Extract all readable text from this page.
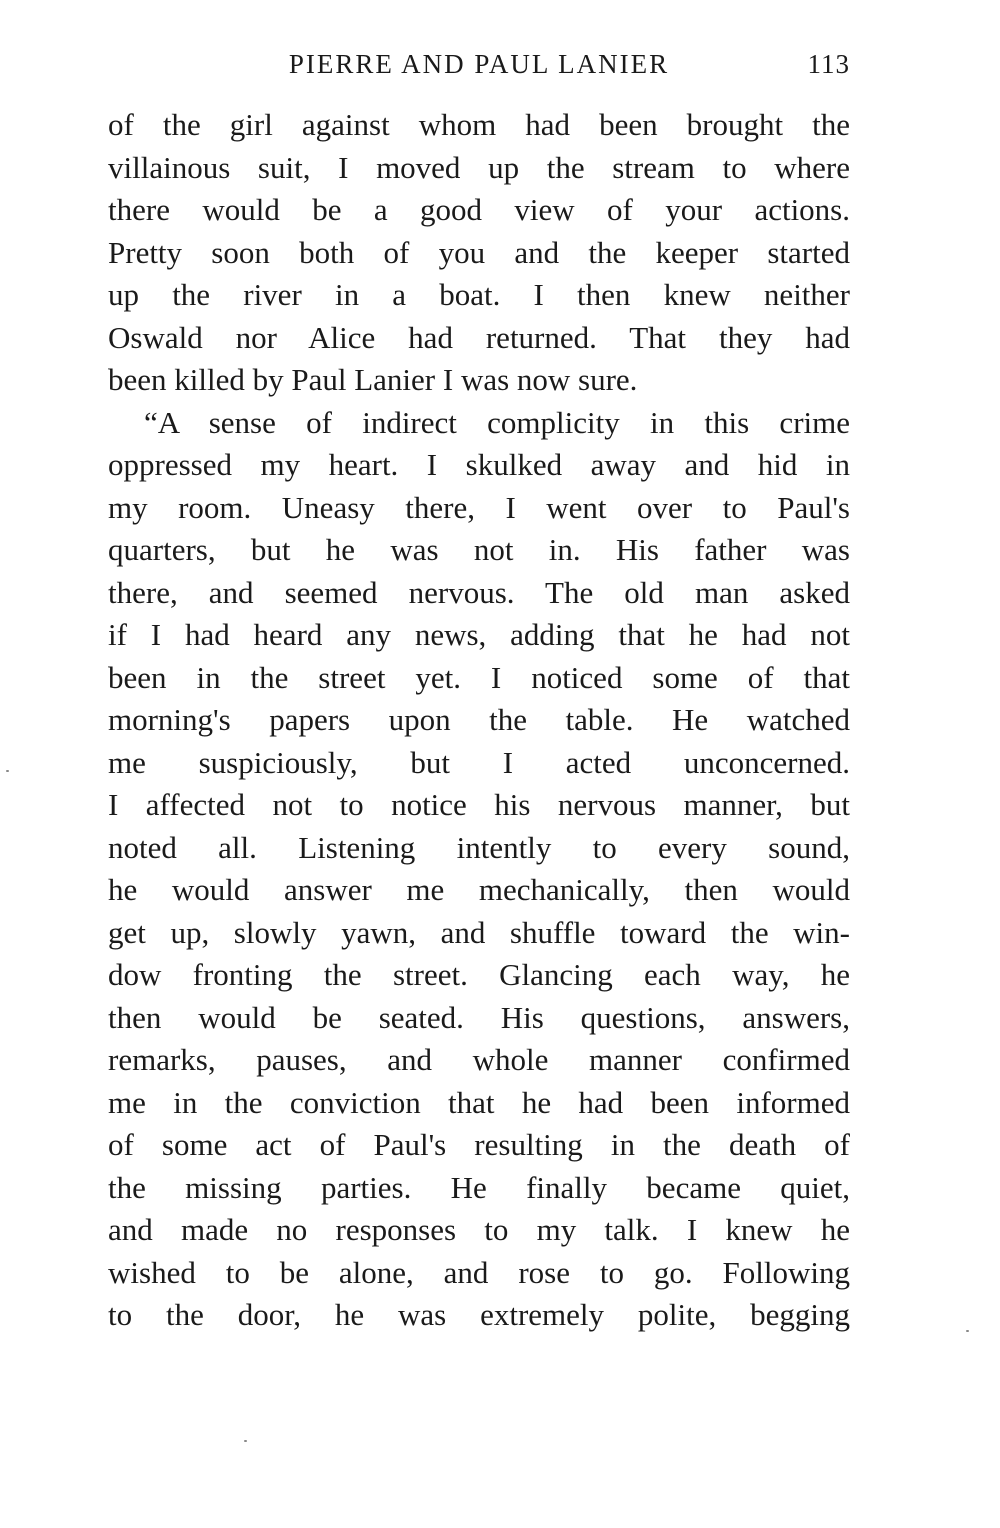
PIERRE AND PAUL LANIER	113
of the girl against whom had been brought the
villainous suit, I moved up the stream to where
there would be a good view of your actions.
Pretty soon both of you and the keeper started
up the river in a boat. I then knew neither
Oswald nor Alice had returned. That they had
been killed by Paul Lanier I was now sure.
“A sense of indirect complicity in this crime
oppressed my heart. I skulked away and hid in
my room. Uneasy there, I went over to Paul's
quarters, but he was not in. His father was
there, and seemed nervous. The old man asked
if I had heard any news, adding that he had not
been in the street yet. I noticed some of that
morning's papers upon the table. He watched
me suspiciously, but I acted unconcerned.
I affected not to notice his nervous manner, but
noted all. Listening intently to every sound,
he would answer me mechanically, then would
get up, slowly yawn, and shuffle toward the win-
dow fronting the street. Glancing each way, he
then would be seated. His questions, answers,
remarks, pauses, and whole manner confirmed
me in the conviction that he had been informed
of some act of Paul's resulting in the death of
the missing parties. He finally became quiet,
and made no responses to my talk. I knew he
wished to be alone, and rose to go. Following
to the door, he was extremely polite, begging
